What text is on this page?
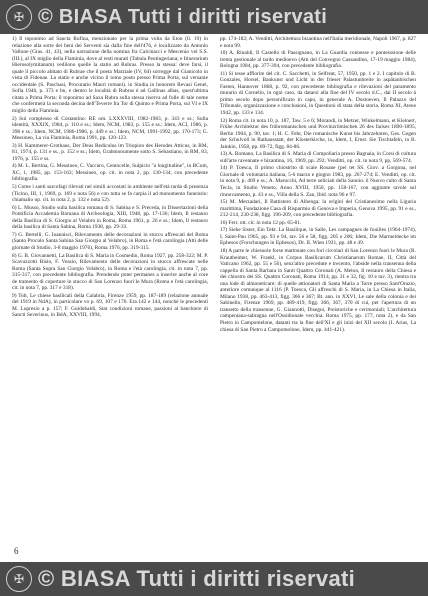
✠ © BIASA Tutti i diritti riservati

1) Il toponimo ad Sancta Rufina, menzionato per la prima volta da Eton (ll. 19) in relazione alla sorte dei beni dei Serventi sia dalla fine dell'476, è localizzato da Antonio Vallone (Gius. 41, 43), nella narrazione della nomina fra Calcinacci e Mescenio vel S.S. (III.), al IX miglio della Flaminia, dove al resti murati (Tabula Peutingeriana; e Itinerarium Hierosolymitanum) vedilono quelle la statio ad Rubras. Presso la stessa: deve farsi, il quale il piccolo abitato di Rubrae che il poeta Marziale (IV, 64) sorregge dal Gianicolo in vista di Fidenae. La statio e anche vicino il tomo posto presso Prima Porta, sul versante occidentale (S. Paschasi, Procuratio Mauri romani). in Studia in honorem Revasi Genei, Sofia 1946, p. 373 e bn, e dentro le località di Rubras è ad Gallinas albas, quest'ultima citata a Prima Porta: il toponimo ad Saxa Rubra sulla stessa riserva ad fulle di tale nome che confermerà la seconda decina dell'Teverre fra Tor di Quinto e Prima Porta, sul VI e IX miglio della Flaminia.

2) Sul complesso di Costantino: RE om. LXXXVIII, 1982-1983, p. 343 e ss.; Sulla identità, XXXIX, 1984, p. 110 e ss.; Idem, NCM, 1983, p. 155 e ss.; Idem, ACI, 1986, p. 398 e ss.; Idem, NCM, 1986-1986, p. 449 e ss.; Idem, NCM, 1991-1992, pp. 170-173; G. Messineo, La via Flaminia, Roma 1991, pp. 120-123.

3) H. Kammerer-Grothaus, Der Deus Rediculus im Triopion des Herodes Atticus, in RM, 81, 1974, p. 131 e ss., p. 152 e ss.; Idem, Grabmonumente sotto S. Sebastiano, in RM, 83, 1976, p. 155 e ss.

4) M. L. Bertina, G. Messineo, C. Vaccaro, Centocelle, Sulpicio "a longitudine", in BCom, XC, 1, 1985, pp. 153-163; Messineo, op. cit. in nota 2, pp. 130-134, con precedente bibliografia.

5) Come i santi sarcofagi rilevati nel simili accostati in ambiente nell'età tarda di presenza (Ticino, III, 1, 1969, p. 169 e nota 56) e con tutta se fa carpia il ad monumento funerario: chiamalio op. cit. in nota 2, p. 132 e nota 52).

6) L. Musso, Studio sulla basilica romana di S. Sabina e S. Preceda, in Dissertazioni della Pontificia Accademia Romana di Archeologia, XIII, 1948, pp. 17-136; Idem, Il restauro della Basilica di S. Giorgio al Velabro in Roma, Roma 1961, p. 26 e ss.; Idem, Il restauro della basilica di Santa Sabina, Roma 1938, pp. 29-33.

7) G. Bertelli, G. Ioannisci, Rilevamento delle decorazioni in stucco affrescati del Roma (Santo Proculo Santa Sabina San Giorgio al Velabro), in Roma e l'età carolingia (Atti delle giornate di Studio, 3-8 maggio 1976), Roma 1976, pp. 319-315.

8) G. B. Giovannetti, La Basilica di S. Maria in Cosmedin, Roma 1927, pp. 258-322; M. P. Scavuzzotti Bisio, F. Vossio, Rilevamento delle decorazioni in stucco affrescate nelle Roma (Santa Sopra San Giorgio Velabro), in Roma e l'età carolingia, cit. in nota 7, pp. 315-317, con precedente bibliografia. Prendendo poter permanes a inserire anche al core de tramento di coperture in stucco di San Lorenzo fuori le Mura (Roma e l'età carolingia, cit. in nota 7, pp. 317 e 318).

9) Tolt, Le chiese basilicali della Calabria, Firenze 1959, pp. 187-189 (relazione annuale del 1919 in NdA), in particolare vo p. 69, 107 e 170. Era 142 e 144, nonché le precedenti M. Lopresio a p. 157; F. Guidobaldi, Stat condizioni romane, passioni al banchiere di Sancti Severinus, in BdA, XXVIII, 1994,

pp. 174-182; A. Venditti, Architettura bizantina nell'Italia meridionale, Napoli 1967, p. 827 e nota 99.

10) A. Rinaldi, Il Castello di Passignano, in La Guardia connesse e pontesssione delle trenta gestionale al tardo medioevo (Atti del Convegno Cassandino, 17-19 maggio 1984), Bologna 1984, pp. 377-394, con precedente bibliografia.

11) Si tesse afflorite del cit. C. Sacchetti, in Selfreat, 57, 1950, pp. 1 e 2. I capitolo di B. Gonzales, Horsel, Baukunst und Licht in der frieser Palastunbreite in aspätanhischen Fasten, Hannover 1868, p. 92, con precedente bibliografia e rilevazioni del paramento murario di Cornelio, in ogni caso, da datarsi alla fine del IV secolo d.C., dai II secolo à primo secolo dopo personificato in capo, in generale A. Dostoeven, Il Palazzo del Tribunale, organizzazione e conclusioni, in Questioni di stata della storia, Roma XI, Atene 1942, pp. 133 e 134.

12) Roma cit. in nota 10, p. 187, Taw. 5 e 6; Morandi, in Metzer, Winkelmann, et Kleinert, Frühe Architektur des frühromanischen und Provinzrömischen 26 des fackes 1890-1895, Berlin 1904, p. 90, tav. 1; H. C. Fehr, Die romanische Kunst bis Jahrzehnten, Ges. Gegen der Schulvoll in Rathausstatt, der Klosterkirche, in, Idem, I, Ernst. Sie Tischtafeln, in B. Jainkin, 1958, pp. 69-72, figg. 84-86.

13) A. Romano, La Basilica di S. Maria di Compoliaria presso Bagnaia, in Corsi di cultura sull'arte ravennate e bizantina, 16, 1969, pp. 292; Venditti, op. cit. in nota 9, pp. 569-574.

14) P. Toesca, Il primo chiostrito di scale Rosane (pel tet SS. Giov. a Gorgona, nel Giornale di voluntaria italiana, 5-6 marzo e giugno 1983, pp. 267-274; E. Venditti, op. cit. in nota 9, p. 469 e ss.; A. Marucchi, Ad terre seliciati della Sannio. il Nuovo culto di Santa Tecla, in Studio Veneto, Anno XVIII, 1950, pp. 158-167, con aggiunte tavole sul rinnovamento, p. 43 e ss., Villa della S. Zan, Ibid. nota 96 e 97.

15) M. Merzadari, Il Battistero di Albenga: la origini del Cristianesimo nella Liguria marittima, Fondazione Casa di Risparmio di Genova e Imperia, Genova 1995, pp. 91 e ss., 212-214, 230-238, figg. 196-209, con precedente bibliografia.

16) Ferr. ott. cit. in nota 12 pp. 65-81.

17) Siehe Sister, Ein Tekt. La Basilique, in Salle, Les campagnes de fouilles (1964-1974), I, Saint-Pau 1965, pp. 93 e 94, tav. 56 e 58, figg. 205 e 206; Idem, Die Marmeldecke im Ephesos (Forschungen in Ephesos), Dr. II. Wien 1931, pp. 48 e 49.

18) A parte le chiesuole forse mattonate con fori circolari di San Lorenzo fuori le Mura (R. Krautheimer, W. Frankl, in Corpus Basilicarum Christianarum Romae, II, Città del Vaticano 1962, pp. 55 e 56), senz'altro precedute e trecento, l'abside nella transenna della cappella di Santa Barbara in Santi Quattro Coronati (A. Melon, Il restauro della Chiesa e dei chiostro dei SS. Quattro Coronati, Roma 1914, pp. 31 e 32, fig. 10 e tav. 3), rientra tra una lode di almoneticare; di quelle attionatori di Santa Maria a Torre presso Sant'Orazio, anteriore comunque al 1116 (P. Toesca, Gli affreschi di S. Maria, in La Chiesa in Italia, Milano 1938, pp. 463-413, figg. 366 e 367; Bt. ann. in XXVI, Le sale della colonia e dei Sabinello, Firenze 1969, pp. 489-419, figg. 366, 367, 370 di cui, per l'apertura di un transetto della transenne, G. Giannotti, Disegni, Preistoriche e cerimoniali; L'architettura campeniana-sabragna nell'Ossidionale vecchia. Roma 1975, pp. 177, nota 2), e da San Pietro in Campomelone, datanti tra la fine dell'XI e gli inizi del XII secolo (I. Arias, La chiesa di San Pietro a Campomolone, Idem, pp. 441-421).

6
✠ © BIASA Tutti i diritti riservati
